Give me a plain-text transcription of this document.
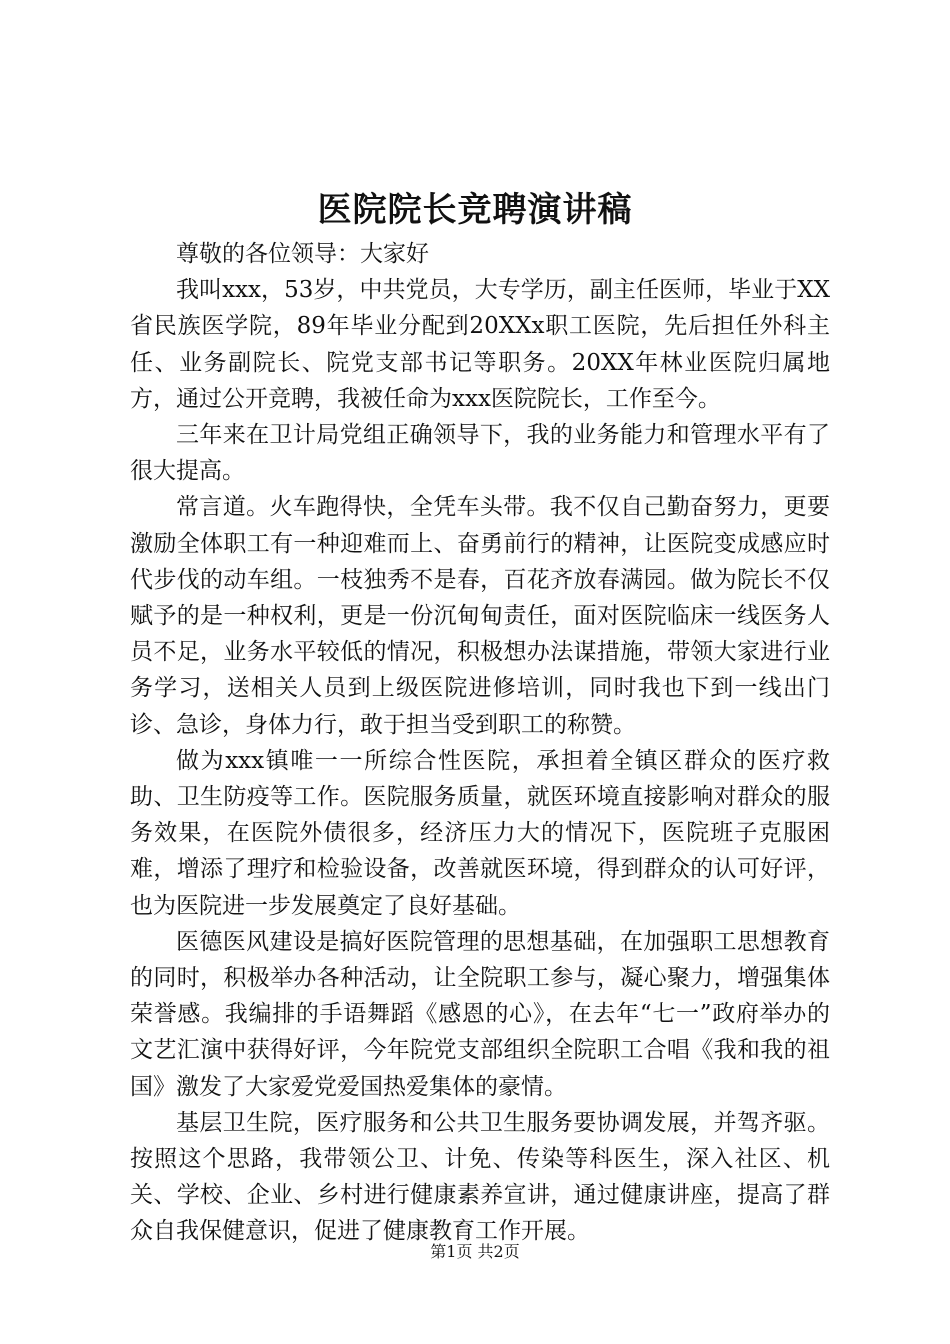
医院院长竞聘演讲稿

尊敬的各位领导：大家好

我叫xxx，53岁，中共党员，大专学历，副主任医师，毕业于XX省民族医学院，89年毕业分配到20XXx职工医院，先后担任外科主任、业务副院长、院党支部书记等职务。20XX年林业医院归属地方，通过公开竞聘，我被任命为xxx医院院长，工作至今。

三年来在卫计局党组正确领导下，我的业务能力和管理水平有了很大提高。

常言道。火车跑得快，全凭车头带。我不仅自己勤奋努力，更要激励全体职工有一种迎难而上、奋勇前行的精神，让医院变成感应时代步伐的动车组。一枝独秀不是春，百花齐放春满园。做为院长不仅赋予的是一种权利，更是一份沉甸甸责任，面对医院临床一线医务人员不足，业务水平较低的情况，积极想办法谋措施，带领大家进行业务学习，送相关人员到上级医院进修培训，同时我也下到一线出门诊、急诊，身体力行，敢于担当受到职工的称赞。

做为xxx镇唯一一所综合性医院，承担着全镇区群众的医疗救助、卫生防疫等工作。医院服务质量，就医环境直接影响对群众的服务效果，在医院外债很多，经济压力大的情况下，医院班子克服困难，增添了理疗和检验设备，改善就医环境，得到群众的认可好评，也为医院进一步发展奠定了良好基础。

医德医风建设是搞好医院管理的思想基础，在加强职工思想教育的同时，积极举办各种活动，让全院职工参与，凝心聚力，增强集体荣誉感。我编排的手语舞蹈《感恩的心》，在去年“七一”政府举办的文艺汇演中获得好评，今年院党支部组织全院职工合唱《我和我的祖国》激发了大家爱党爱国热爱集体的豪情。

基层卫生院，医疗服务和公共卫生服务要协调发展，并驾齐驱。按照这个思路，我带领公卫、计免、传染等科医生，深入社区、机关、学校、企业、乡村进行健康素养宣讲，通过健康讲座，提高了群众自我保健意识，促进了健康教育工作开展。

第1页 共2页
